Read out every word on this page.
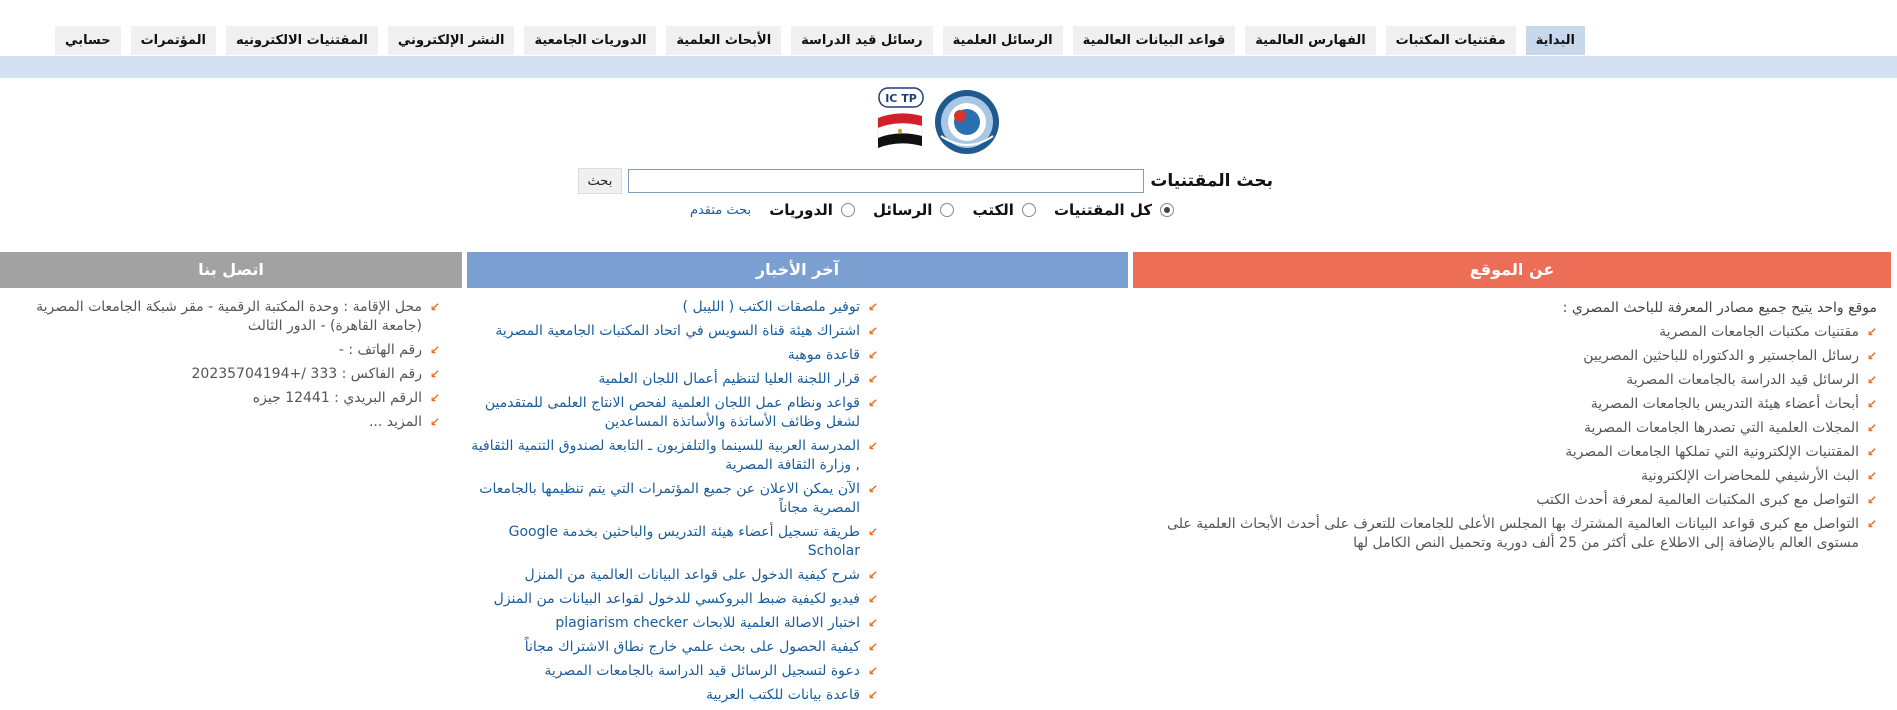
البداية
مقتنيات المكتبات
الفهارس العالمية
قواعد البيانات العالمية
الرسائل العلمية
رسائل قيد الدراسة
الأبحاث العلمية
الدوريات الجامعية
النشر الإلكتروني
المقتنيات الالكترونيه
المؤتمرات
حسابي
IC TP
بحث المقتنيات
بحث
كل المقتنيات
الكتب
الرسائل
الدوريات
بحث متقدم
عن الموقع

موقع واحد يتيح جميع مصادر المعرفة للباحث المصري :

↙
مقتنيات مكتبات الجامعات المصرية
↙
رسائل الماجستير و الدكتوراه للباحثين المصريين
↙
الرسائل قيد الدراسة بالجامعات المصرية
↙
أبحاث أعضاء هيئة التدريس بالجامعات المصرية
↙
المجلات العلمية التي تصدرها الجامعات المصرية
↙
المقتنيات الإلكترونية التي تملكها الجامعات المصرية
↙
البث الأرشيفي للمحاضرات الإلكترونية
↙
التواصل مع كبرى المكتبات العالمية لمعرفة أحدث الكتب
↙
التواصل مع كبرى قواعد البيانات العالمية المشترك بها المجلس الأعلى للجامعات للتعرف على أحدث الأبحاث العلمية على مستوى العالم بالإضافة إلى الاطلاع على أكثر من 25 ألف دورية وتحميل النص الكامل لها
آخر الأخبار
↙
توفير ملصقات الكتب ( الليبل )
↙
اشتراك هيئة قناة السويس في اتحاد المكتبات الجامعية المصرية
↙
قاعدة موهبة
↙
قرار اللجنة العليا لتنظيم أعمال اللجان العلمية
↙
قواعد ونظام عمل اللجان العلمية لفحص الانتاج العلمى للمتقدمين لشغل وظائف الأساتذة والأساتذة المساعدين
↙
المدرسة العربية للسينما والتلفزيون ـ التابعة لصندوق التنمية الثقافية , وزارة الثقافة المصرية
↙
الآن يمكن الاعلان عن جميع المؤتمرات التي يتم تنظيمها بالجامعات المصرية مجاناً
↙
طريقة تسجيل أعضاء هيئة التدريس والباحثين بخدمة Google Scholar
↙
شرح كيفية الدخول على قواعد البيانات العالمية من المنزل
↙
فيديو لكيفية ضبط البروكسي للدخول لقواعد البيانات من المنزل
↙
اختبار الاصالة العلمية للابحاث plagiarism checker
↙
كيفية الحصول على بحث علمي خارج نطاق الاشتراك مجاناً
↙
دعوة لتسجيل الرسائل قيد الدراسة بالجامعات المصرية
↙
قاعدة بيانات للكتب العربية
اتصل بنا
↙
محل الإقامة : وحدة المكتبة الرقمية - مقر شبكة الجامعات المصرية (جامعة القاهرة) - الدور الثالث
↙
رقم الهاتف : -
↙
رقم الفاكس : 333 /+20235704194
↙
الرقم البريدي : 12441 جيزه
↙
المزيد ...
